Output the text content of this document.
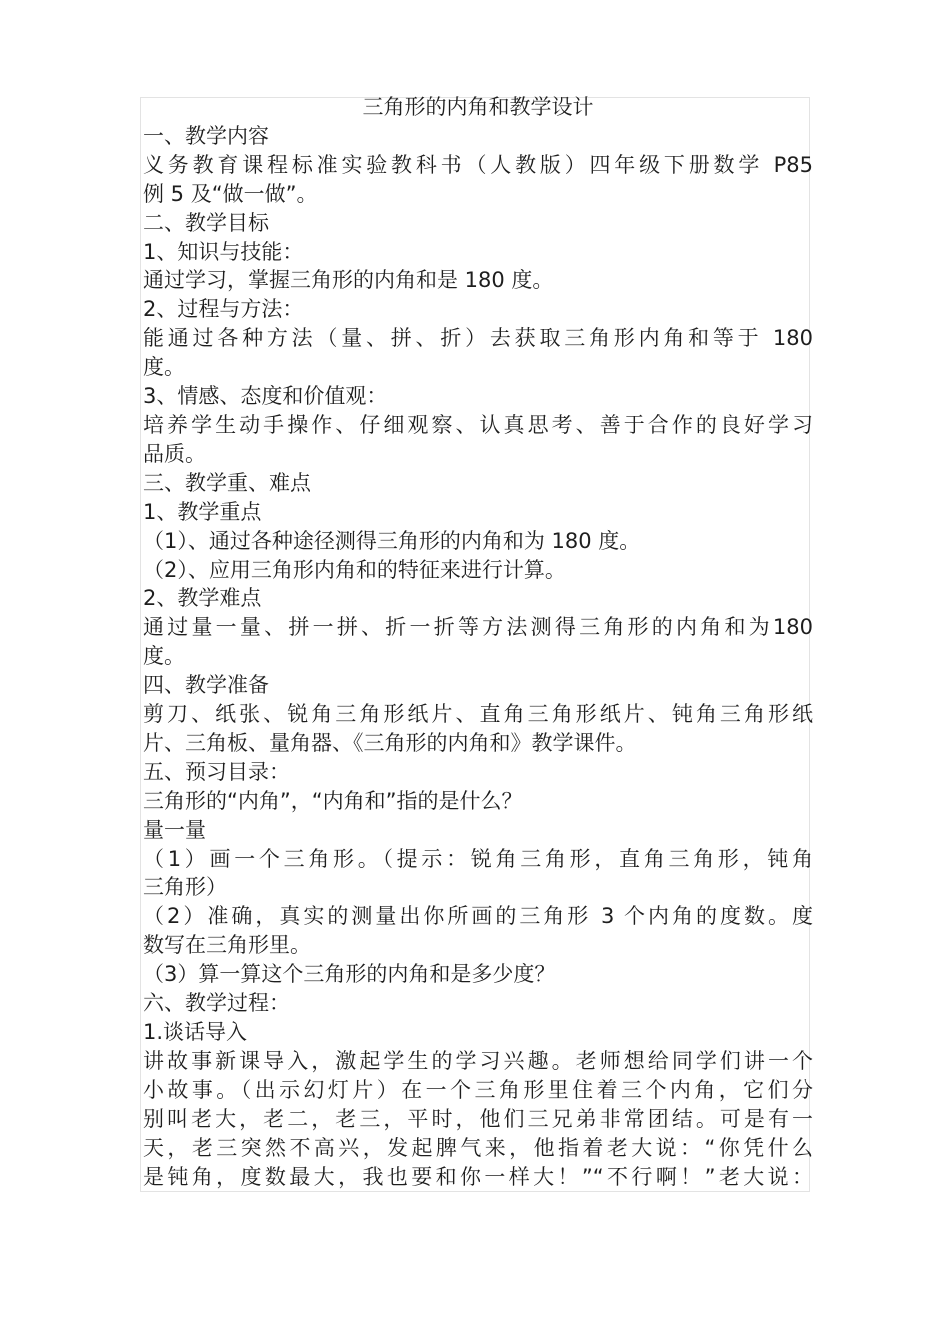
三角形的内角和教学设计
一、教学内容
义务教育课程标准实验教科书（人教版）四年级下册数学 P85
例 5 及“做一做”。
二、教学目标
1、知识与技能：
通过学习，掌握三角形的内角和是 180 度。
2、过程与方法：
能通过各种方法（量、拼、折）去获取三角形内角和等于 180
度。
3、情感、态度和价值观：
培养学生动手操作、仔细观察、认真思考、善于合作的良好学习
品质。
三、教学重、难点
1、教学重点
（1）、通过各种途径测得三角形的内角和为 180 度。
（2）、应用三角形内角和的特征来进行计算。
2、教学难点
通过量一量、拼一拼、折一折等方法测得三角形的内角和为180
度。
四、教学准备
剪刀、纸张、锐角三角形纸片、直角三角形纸片、钝角三角形纸
片、三角板、量角器、《三角形的内角和》教学课件。
五、预习目录：
三角形的“内角”，“内角和”指的是什么？
量一量
（1）画一个三角形。（提示：锐角三角形，直角三角形，钝角
三角形）
（2）准确，真实的测量出你所画的三角形 3 个内角的度数。度
数写在三角形里。
（3）算一算这个三角形的内角和是多少度？
六、教学过程：
1.谈话导入
讲故事新课导入，激起学生的学习兴趣。老师想给同学们讲一个
小故事。（出示幻灯片）在一个三角形里住着三个内角，它们分
别叫老大，老二，老三，平时，他们三兄弟非常团结。可是有一
天，老三突然不高兴，发起脾气来，他指着老大说：“你凭什么
是钝角，度数最大，我也要和你一样大！”“不行啊！”老大说：
